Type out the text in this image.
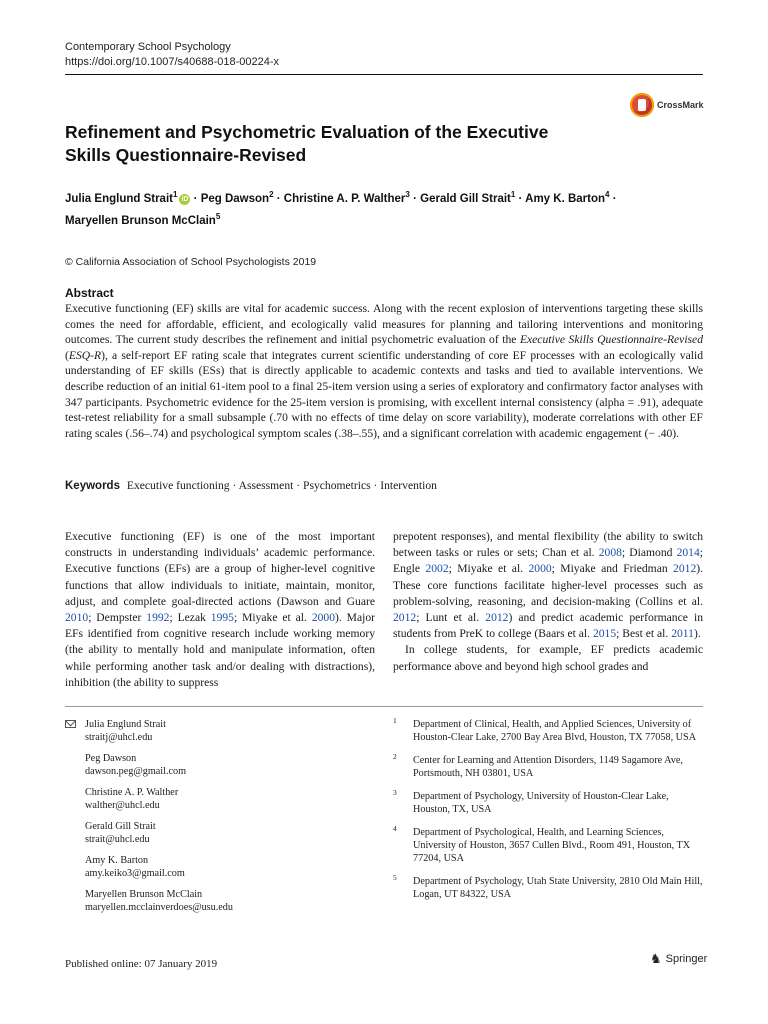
Contemporary School Psychology
https://doi.org/10.1007/s40688-018-00224-x
CrossMark
Refinement and Psychometric Evaluation of the Executive Skills Questionnaire-Revised
Julia Englund Strait$^1$iD · Peg Dawson$^2$ · Christine A. P. Walther$^3$ · Gerald Gill Strait$^1$ · Amy K. Barton$^4$ ·
Maryellen Brunson McClain$^5$
© California Association of School Psychologists 2019
Abstract

Executive functioning (EF) skills are vital for academic success. Along with the recent explosion of interventions targeting these skills comes the need for affordable, efficient, and ecologically valid measures for planning and tailoring interventions and monitoring outcomes. The current study describes the refinement and initial psychometric evaluation of the Executive Skills Questionnaire-Revised (ESQ-R), a self-report EF rating scale that integrates current scientific understanding of core EF processes with an ecologically valid understanding of EF skills (ESs) that is directly applicable to academic contexts and tasks and tied to available interventions. We describe reduction of an initial 61-item pool to a final 25-item version using a series of exploratory and confirmatory factor analyses with 347 participants. Psychometric evidence for the 25-item version is promising, with excellent internal consistency (alpha = .91), adequate test-retest reliability for a small subsample (.70 with no effects of time delay on score variability), moderate correlations with other EF rating scales (.56–.74) and psychological symptom scales (.38–.55), and a significant correlation with academic engagement (− .40).

Keywords Executive functioning · Assessment · Psychometrics · Intervention

Executive functioning (EF) is one of the most important constructs in understanding individuals’ academic performance. Executive functions (EFs) are a group of higher-level cognitive functions that allow individuals to initiate, maintain, monitor, adjust, and complete goal-directed actions (Dawson and Guare 2010; Dempster 1992; Lezak 1995; Miyake et al. 2000). Major EFs identified from cognitive research include working memory (the ability to mentally hold and manipulate information, often while performing another task and/or dealing with distractions), inhibition (the ability to suppress

prepotent responses), and mental flexibility (the ability to switch between tasks or rules or sets; Chan et al. 2008; Diamond 2014; Engle 2002; Miyake et al. 2000; Miyake and Friedman 2012). These core functions facilitate higher-level processes such as problem-solving, reasoning, and decision-making (Collins et al. 2012; Lunt et al. 2012) and predict academic performance in students from PreK to college (Baars et al. 2015; Best et al. 2011).

In college students, for example, EF predicts academic performance above and beyond high school grades and

Julia Englund Strait
straitj@uhcl.edu
Peg Dawson
dawson.peg@gmail.com
Christine A. P. Walther
walther@uhcl.edu
Gerald Gill Strait
strait@uhcl.edu
Amy K. Barton
amy.keiko3@gmail.com
Maryellen Brunson McClain
maryellen.mcclainverdoes@usu.edu
1 Department of Clinical, Health, and Applied Sciences, University of Houston-Clear Lake, 2700 Bay Area Blvd, Houston, TX 77058, USA
2 Center for Learning and Attention Disorders, 1149 Sagamore Ave, Portsmouth, NH 03801, USA
3 Department of Psychology, University of Houston-Clear Lake, Houston, TX, USA
4 Department of Psychological, Health, and Learning Sciences, University of Houston, 3657 Cullen Blvd., Room 491, Houston, TX 77204, USA
5 Department of Psychology, Utah State University, 2810 Old Main Hill, Logan, UT 84322, USA
Published online: 07 January 2019	♞ Springer
